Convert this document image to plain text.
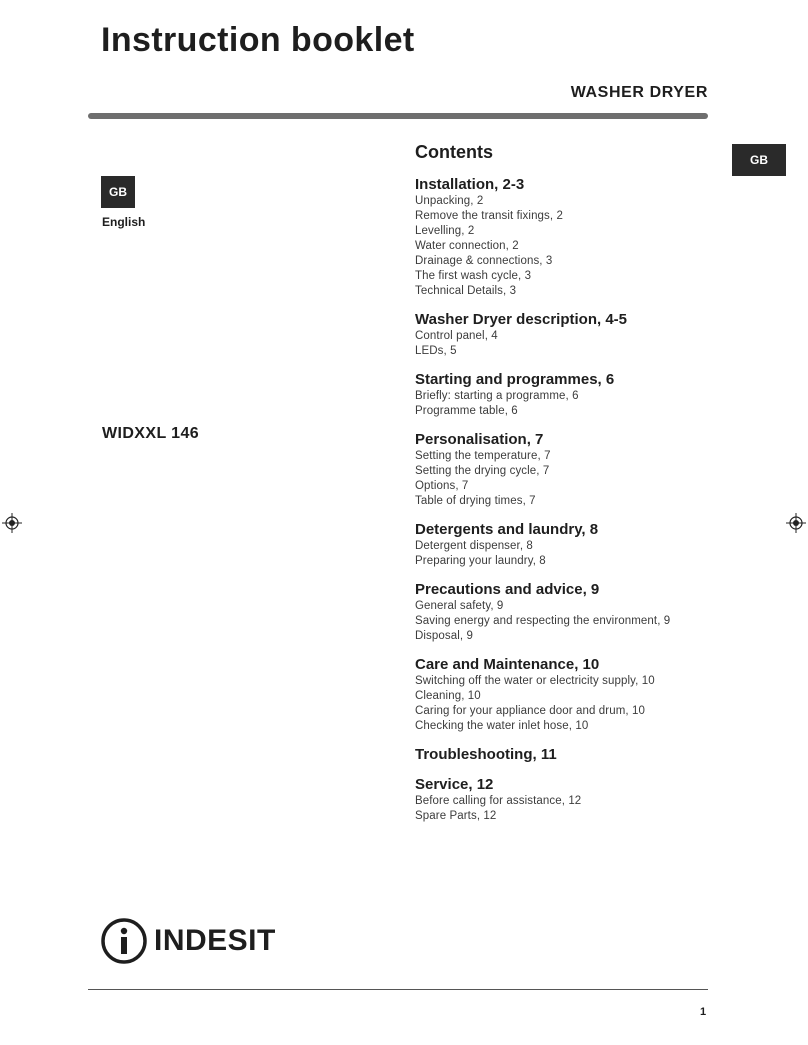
Instruction booklet
WASHER DRYER
GB
English
WIDXXL 146
GB
Contents
Installation, 2-3
Unpacking, 2
Remove the transit fixings, 2
Levelling, 2
Water connection, 2
Drainage & connections, 3
The first wash cycle, 3
Technical Details, 3
Washer Dryer description, 4-5
Control panel, 4
LEDs, 5
Starting and programmes, 6
Briefly: starting a programme, 6
Programme table, 6
Personalisation, 7
Setting the temperature, 7
Setting the drying cycle, 7
Options, 7
Table of drying times, 7
Detergents and laundry, 8
Detergent dispenser, 8
Preparing your laundry, 8
Precautions and advice, 9
General safety, 9
Saving energy and respecting the environment, 9
Disposal, 9
Care and Maintenance, 10
Switching off the water or electricity supply, 10
Cleaning, 10
Caring for your appliance door and drum, 10
Checking the water inlet hose, 10
Troubleshooting, 11
Service, 12
Before calling for assistance, 12
Spare Parts, 12
INDESIT
1
